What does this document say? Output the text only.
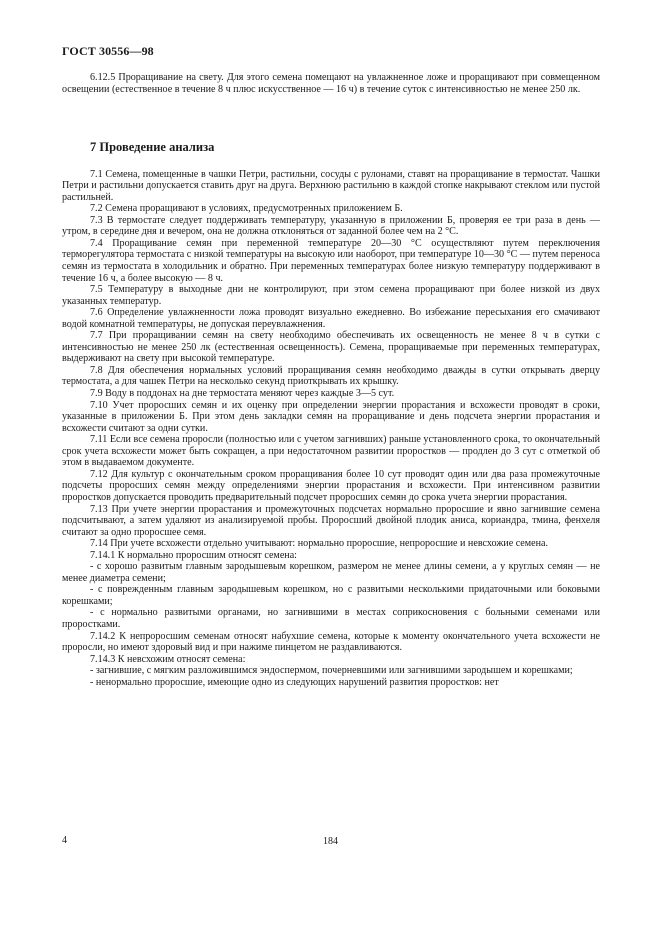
ГОСТ 30556—98

6.12.5 Проращивание на свету. Для этого семена помещают на увлажненное ложе и проращивают при совмещенном освещении (естественное в течение 8 ч плюс искусственное — 16 ч) в течение суток с интенсивностью не менее 250 лк.

7 Проведение анализа

7.1 Семена, помещенные в чашки Петри, растильни, сосуды с рулонами, ставят на проращивание в термостат. Чашки Петри и растильни допускается ставить друг на друга. Верхнюю растильню в каждой стопке накрывают стеклом или пустой растильней.

7.2 Семена проращивают в условиях, предусмотренных приложением Б.

7.3 В термостате следует поддерживать температуру, указанную в приложении Б, проверяя ее три раза в день — утром, в середине дня и вечером, она не должна отклоняться от заданной более чем на 2 °С.

7.4 Проращивание семян при переменной температуре 20—30 °С осуществляют путем переключения терморегулятора термостата с низкой температуры на высокую или наоборот, при температуре 10—30 °С — путем переноса семян из термостата в холодильник и обратно. При переменных температурах более низкую температуру поддерживают в течение 16 ч, а более высокую — 8 ч.

7.5 Температуру в выходные дни не контролируют, при этом семена проращивают при более низкой из двух указанных температур.

7.6 Определение увлажненности ложа проводят визуально ежедневно. Во избежание пересыхания его смачивают водой комнатной температуры, не допуская переувлажнения.

7.7 При проращивании семян на свету необходимо обеспечивать их освещенность не менее 8 ч в сутки с интенсивностью не менее 250 лк (естественная освещенность). Семена, проращиваемые при переменных температурах, выдерживают на свету при высокой температуре.

7.8 Для обеспечения нормальных условий проращивания семян необходимо дважды в сутки открывать дверцу термостата, а для чашек Петри на несколько секунд приоткрывать их крышку.

7.9 Воду в поддонах на дне термостата меняют через каждые 3—5 сут.

7.10 Учет проросших семян и их оценку при определении энергии прорастания и всхожести проводят в сроки, указанные в приложении Б. При этом день закладки семян на проращивание и день подсчета энергии прорастания и всхожести считают за одни сутки.

7.11 Если все семена проросли (полностью или с учетом загнивших) раньше установленного срока, то окончательный срок учета всхожести может быть сокращен, а при недостаточном развитии проростков — продлен до 3 сут с отметкой об этом в выдаваемом документе.

7.12 Для культур с окончательным сроком проращивания более 10 сут проводят один или два раза промежуточные подсчеты проросших семян между определениями энергии прорастания и всхожести. При интенсивном развитии проростков допускается проводить предварительный подсчет проросших семян до срока учета энергии прорастания.

7.13 При учете энергии прорастания и промежуточных подсчетах нормально проросшие и явно загнившие семена подсчитывают, а затем удаляют из анализируемой пробы. Проросший двойной плодик аниса, кориандра, тмина, фенхеля считают за одно проросшее семя.

7.14 При учете всхожести отдельно учитывают: нормально проросшие, непроросшие и невсхожие семена.

7.14.1 К нормально проросшим относят семена:

- с хорошо развитым главным зародышевым корешком, размером не менее длины семени, а у круглых семян — не менее диаметра семени;

- с поврежденным главным зародышевым корешком, но с развитыми несколькими придаточными или боковыми корешками;

- с нормально развитыми органами, но загнившими в местах соприкосновения с больными семенами или проростками.

7.14.2 К непроросшим семенам относят набухшие семена, которые к моменту окончательного учета всхожести не проросли, но имеют здоровый вид и при нажиме пинцетом не раздавливаются.

7.14.3 К невсхожим относят семена:

- загнившие, с мягким разложившимся эндоспермом, почерневшими или загнившими зародышем и корешками;

- ненормально проросшие, имеющие одно из следующих нарушений развития проростков: нет

4	184
